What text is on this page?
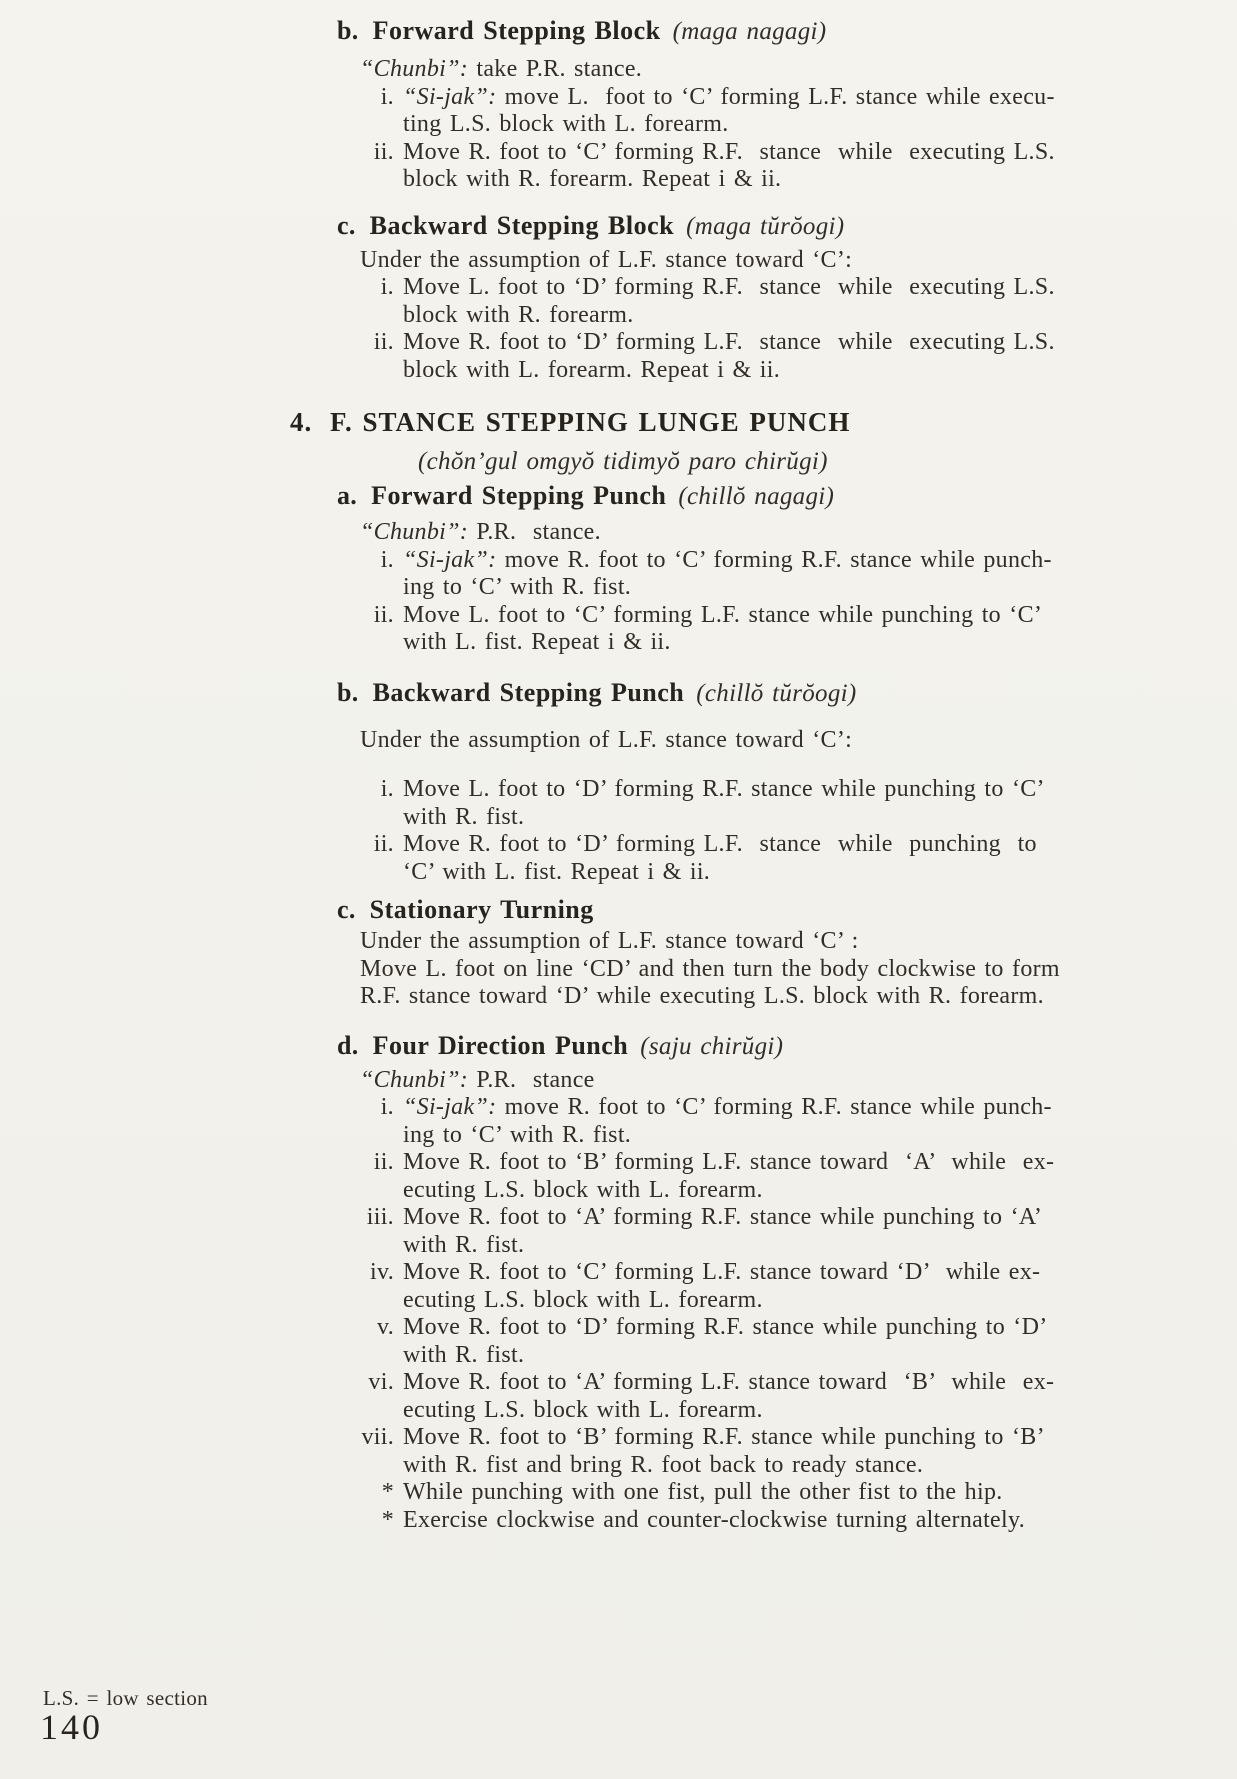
b. Forward Stepping Block (maga nagagi)
“Chunbi”: take P.R. stance.
i. “Si-jak”: move L.  foot to ‘C’ forming L.F. stance while execu-
ting L.S. block with L. forearm.
ii. Move R. foot to ‘C’ forming R.F.  stance  while  executing L.S.
block with R. forearm. Repeat i & ii.
c. Backward Stepping Block (maga tŭrŏogi)
Under the assumption of L.F. stance toward ‘C’:
i. Move L. foot to ‘D’ forming R.F.  stance  while  executing L.S.
block with R. forearm.
ii. Move R. foot to ‘D’ forming L.F.  stance  while  executing L.S.
block with L. forearm. Repeat i & ii.
4. F. STANCE STEPPING LUNGE PUNCH
(chŏn’gul omgyŏ tidimyŏ paro chirŭgi)
a. Forward Stepping Punch (chillŏ nagagi)
“Chunbi”: P.R.  stance.
i. “Si-jak”: move R. foot to ‘C’ forming R.F. stance while punch-
ing to ‘C’ with R. fist.
ii. Move L. foot to ‘C’ forming L.F. stance while punching to ‘C’
with L. fist. Repeat i & ii.
b. Backward Stepping Punch (chillŏ tŭrŏogi)
Under the assumption of L.F. stance toward ‘C’:
i. Move L. foot to ‘D’ forming R.F. stance while punching to ‘C’
with R. fist.
ii. Move R. foot to ‘D’ forming L.F.  stance  while  punching  to
‘C’ with L. fist. Repeat i & ii.
c. Stationary Turning
Under the assumption of L.F. stance toward ‘C’ :
Move L. foot on line ‘CD’ and then turn the body clockwise to form
R.F. stance toward ‘D’ while executing L.S. block with R. forearm.
d. Four Direction Punch (saju chirŭgi)
“Chunbi”: P.R.  stance
i. “Si-jak”: move R. foot to ‘C’ forming R.F. stance while punch-
ing to ‘C’ with R. fist.
ii. Move R. foot to ‘B’ forming L.F. stance toward  ‘A’  while  ex-
ecuting L.S. block with L. forearm.
iii. Move R. foot to ‘A’ forming R.F. stance while punching to ‘A’
with R. fist.
iv. Move R. foot to ‘C’ forming L.F. stance toward ‘D’  while ex-
ecuting L.S. block with L. forearm.
v. Move R. foot to ‘D’ forming R.F. stance while punching to ‘D’
with R. fist.
vi. Move R. foot to ‘A’ forming L.F. stance toward  ‘B’  while  ex-
ecuting L.S. block with L. forearm.
vii. Move R. foot to ‘B’ forming R.F. stance while punching to ‘B’
with R. fist and bring R. foot back to ready stance.
* While punching with one fist, pull the other fist to the hip.
* Exercise clockwise and counter-clockwise turning alternately.
L.S. = low section
140
